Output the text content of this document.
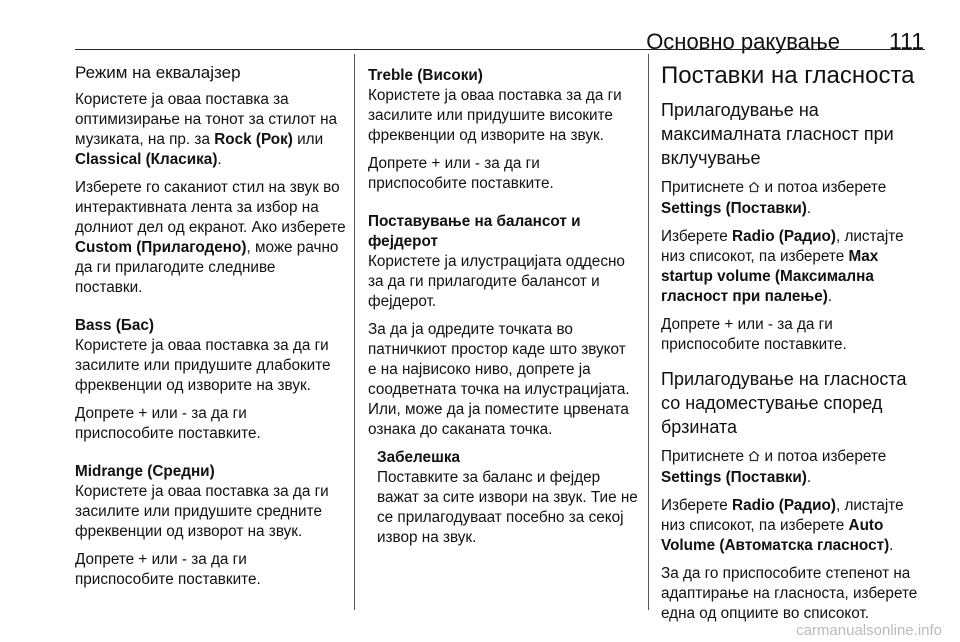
Основно ракување	111
Режим на еквалајзер

Користете ја оваа поставка за оптимизирање на тонот за стилот на музиката, на пр. за Rock (Рок) или Classical (Класика).

Изберете го саканиот стил на звук во интерактивната лента за избор на долниот дел од екранот. Ако изберете Custom (Прилагодено), може рачно да ги прилагодите следниве поставки.

Bass (Бас)

Користете ја оваа поставка за да ги засилите или придушите длабоките фреквенции од изворите на звук.

Допрете + или - за да ги приспособите поставките.

Midrange (Средни)

Користете ја оваа поставка за да ги засилите или придушите средните фреквенции од изворот на звук.

Допрете + или - за да ги приспособите поставките.

Treble (Високи)

Користете ја оваа поставка за да ги засилите или придушите високите фреквенции од изворите на звук.

Допрете + или - за да ги приспособите поставките.

Поставување на балансот и фејдерот

Користете ја илустрацијата оддесно за да ги прилагодите балансот и фејдерот.

За да ја одредите точката во патничкиот простор каде што звукот е на највисоко ниво, допрете ја соодветната точка на илустрацијата. Или, може да ја поместите црвената ознака до саканата точка.

Забелешка

Поставките за баланс и фејдер важат за сите извори на звук. Тие не се прилагодуваат посебно за секој извор на звук.

Поставки на гласноста
Прилагодување на максималната гласност при вклучување

Притиснете  и потоа изберете Settings (Поставки).

Изберете Radio (Радио), листајте низ списокот, па изберете Max startup volume (Максимална гласност при палење).

Допрете + или - за да ги приспособите поставките.

Прилагодување на гласноста со надоместување според брзината

Притиснете  и потоа изберете Settings (Поставки).

Изберете Radio (Радио), листајте низ списокот, па изберете Auto Volume (Автоматска гласност).

За да го приспособите степенот на адаптирање на гласноста, изберете една од опциите во списокот.

carmanualsonline.info
